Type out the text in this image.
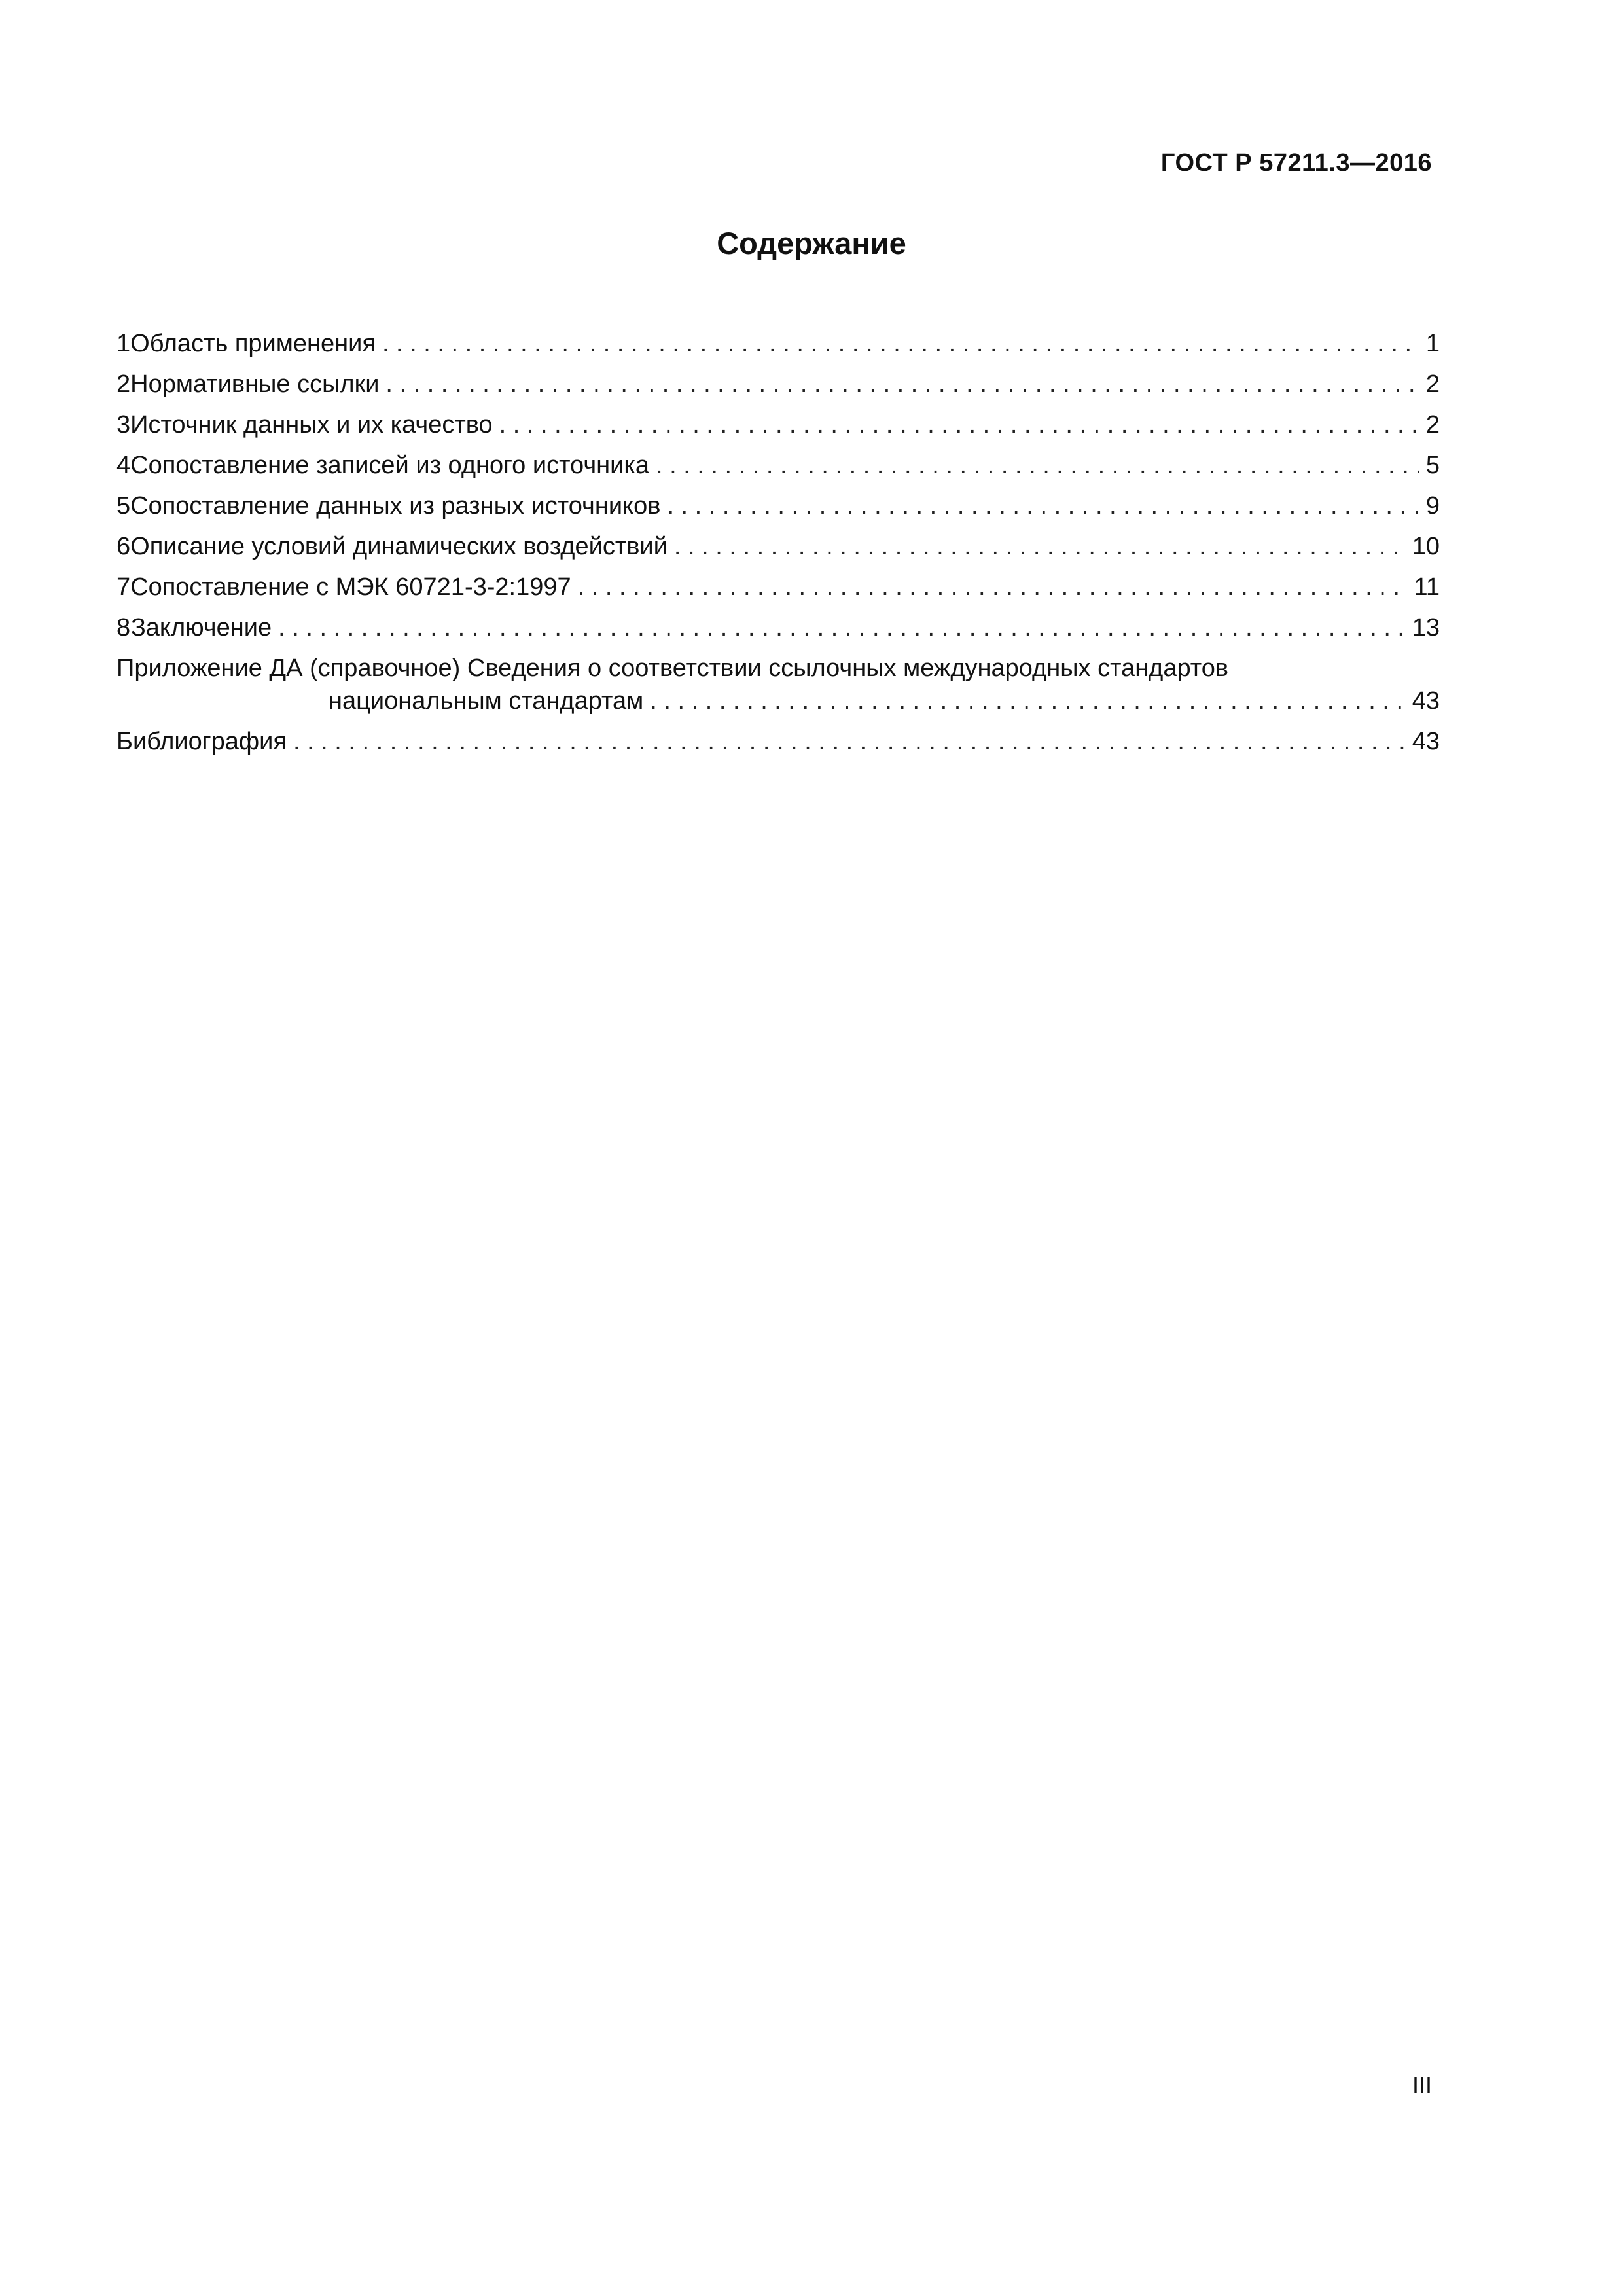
ГОСТ Р 57211.3—2016
Содержание
1 Область применения . . .	1
2 Нормативные ссылки . . .	2
3 Источник данных и их качество . . .	2
4 Сопоставление записей из одного источника . . .	5
5 Сопоставление данных из разных источников . . .	9
6 Описание условий динамических воздействий . . .	10
7 Сопоставление с МЭК 60721-3-2:1997 . . .	11
8 Заключение . . .	13
Приложение ДА (справочное) Сведения о соответствии ссылочных международных стандартов
национальным стандартам . . .	43
Библиография . . .	43
III
